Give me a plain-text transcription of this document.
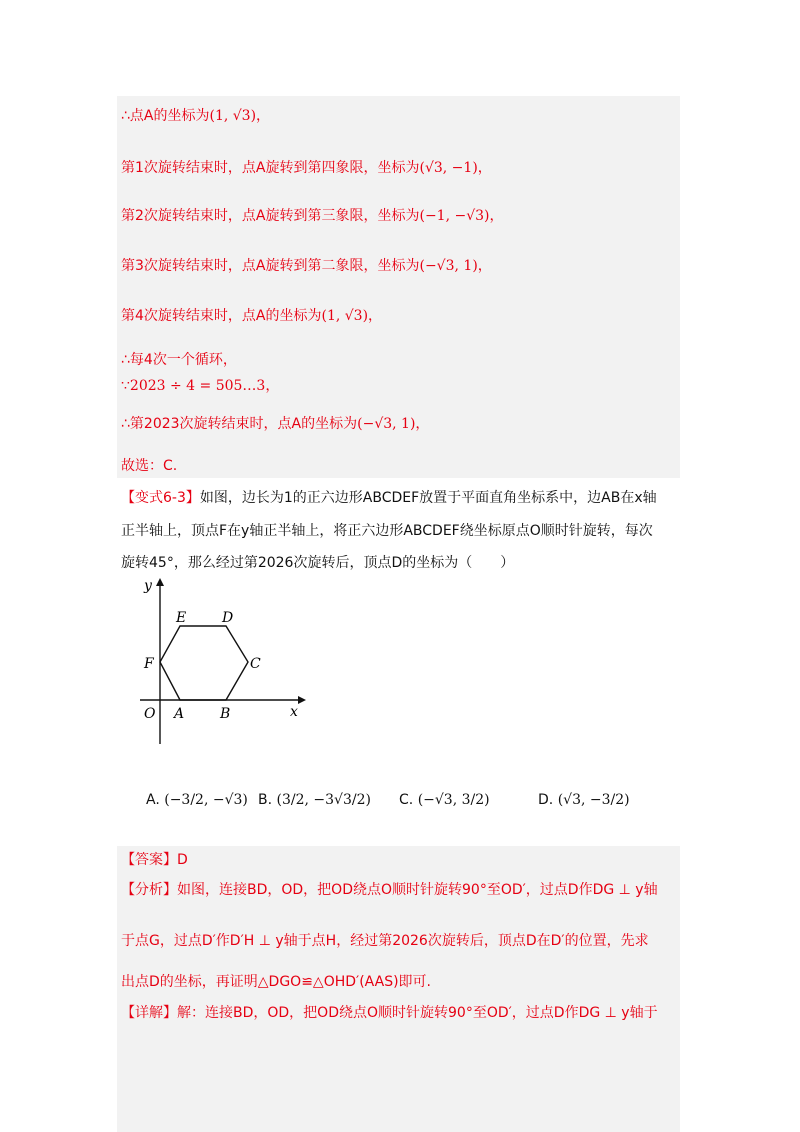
∴点A的坐标为(1, √3)，
第1次旋转结束时，点A旋转到第四象限，坐标为(√3, −1)，
第2次旋转结束时，点A旋转到第三象限，坐标为(−1, −√3)，
第3次旋转结束时，点A旋转到第二象限，坐标为(−√3, 1)，
第4次旋转结束时，点A的坐标为(1, √3)，
∴每4次一个循环，
∵2023 ÷ 4 = 505…3，
∴第2023次旋转结束时，点A的坐标为(−√3, 1)，
故选：C.
【变式6-3】如图，边长为1的正六边形ABCDEF放置于平面直角坐标系中，边AB在x轴
正半轴上，顶点F在y轴正半轴上，将正六边形ABCDEF绕坐标原点O顺时针旋转，每次
旋转45°，那么经过第2026次旋转后，顶点D的坐标为（　　）
x
y
O A	B
C
D
E
F
A. (−3/2, −√3) B. (3/2, −3√3/2) C. (−√3, 3/2)	D. (√3, −3/2)
【答案】D
【分析】如图，连接BD，OD，把OD绕点O顺时针旋转90°至OD′，过点D作DG ⊥ y轴
于点G，过点D′作D′H ⊥ y轴于点H，经过第2026次旋转后，顶点D在D′的位置，先求
出点D的坐标，再证明△DGO≌△OHD′(AAS)即可.
【详解】解：连接BD，OD，把OD绕点O顺时针旋转90°至OD′，过点D作DG ⊥ y轴于
